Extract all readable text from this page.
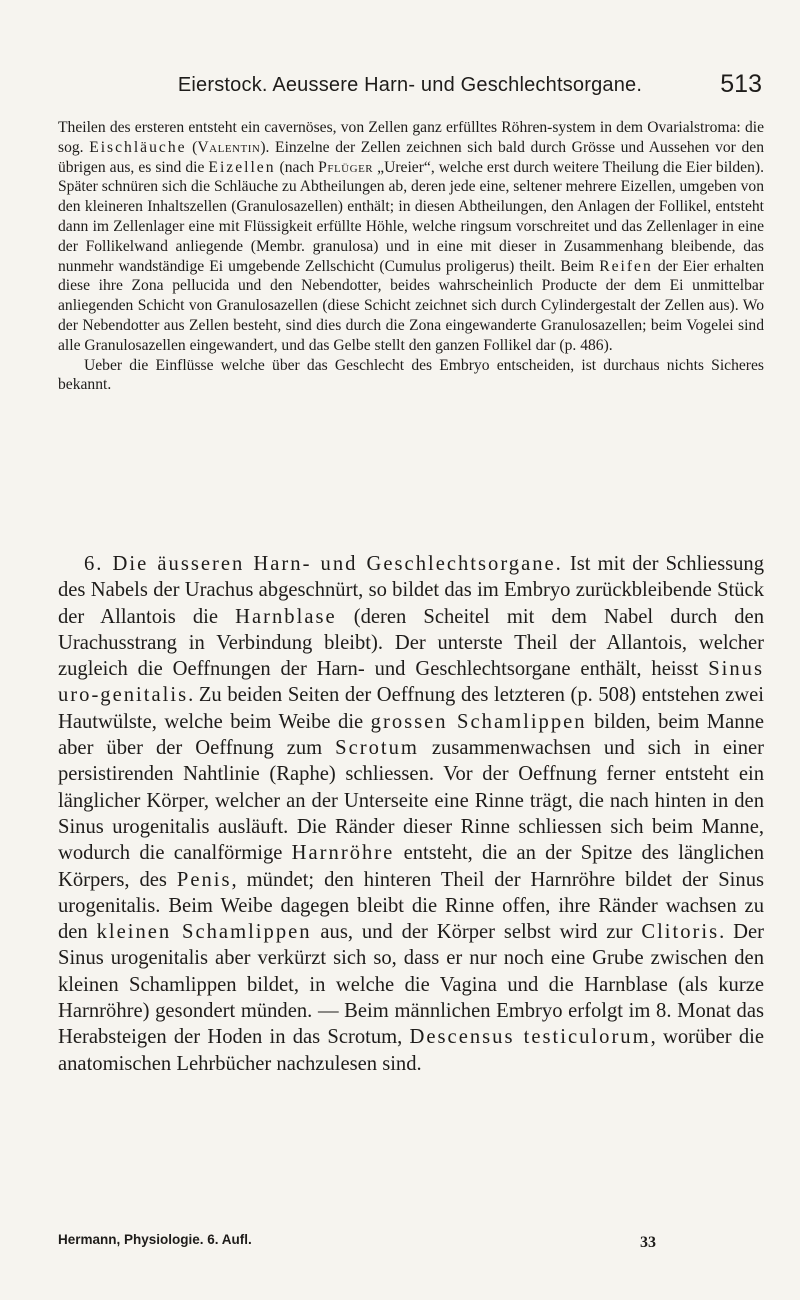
Eierstock. Aeussere Harn- und Geschlechtsorgane.	513

Theilen des ersteren entsteht ein cavernöses, von Zellen ganz erfülltes Röhren-system in dem Ovarialstroma: die sog. Eischläuche (Valentin). Einzelne der Zellen zeichnen sich bald durch Grösse und Aussehen vor den übrigen aus, es sind die Eizellen (nach Pflüger „Ureier“, welche erst durch weitere Theilung die Eier bilden). Später schnüren sich die Schläuche zu Abtheilungen ab, deren jede eine, seltener mehrere Eizellen, umgeben von den kleineren Inhaltszellen (Granulosazellen) enthält; in diesen Abtheilungen, den Anlagen der Follikel, entsteht dann im Zellenlager eine mit Flüssigkeit erfüllte Höhle, welche ringsum vorschreitet und das Zellenlager in eine der Follikelwand anliegende (Membr. granulosa) und in eine mit dieser in Zusammenhang bleibende, das nunmehr wandständige Ei umgebende Zellschicht (Cumulus proligerus) theilt. Beim Reifen der Eier erhalten diese ihre Zona pellucida und den Nebendotter, beides wahrscheinlich Producte der dem Ei unmittelbar anliegenden Schicht von Granulosazellen (diese Schicht zeichnet sich durch Cylindergestalt der Zellen aus). Wo der Nebendotter aus Zellen besteht, sind dies durch die Zona eingewanderte Granulosazellen; beim Vogelei sind alle Granulosazellen eingewandert, und das Gelbe stellt den ganzen Follikel dar (p. 486).

Ueber die Einflüsse welche über das Geschlecht des Embryo entscheiden, ist durchaus nichts Sicheres bekannt.

6. Die äusseren Harn- und Geschlechtsorgane. Ist mit der Schliessung des Nabels der Urachus abgeschnürt, so bildet das im Embryo zurückbleibende Stück der Allantois die Harnblase (deren Scheitel mit dem Nabel durch den Urachusstrang in Verbindung bleibt). Der unterste Theil der Allantois, welcher zugleich die Oeffnungen der Harn- und Geschlechtsorgane enthält, heisst Sinus uro-genitalis. Zu beiden Seiten der Oeffnung des letzteren (p. 508) entstehen zwei Hautwülste, welche beim Weibe die grossen Schamlippen bilden, beim Manne aber über der Oeffnung zum Scrotum zusammenwachsen und sich in einer persistirenden Nahtlinie (Raphe) schliessen. Vor der Oeffnung ferner entsteht ein länglicher Körper, welcher an der Unterseite eine Rinne trägt, die nach hinten in den Sinus urogenitalis ausläuft. Die Ränder dieser Rinne schliessen sich beim Manne, wodurch die canalförmige Harnröhre entsteht, die an der Spitze des länglichen Körpers, des Penis, mündet; den hinteren Theil der Harnröhre bildet der Sinus urogenitalis. Beim Weibe dagegen bleibt die Rinne offen, ihre Ränder wachsen zu den kleinen Schamlippen aus, und der Körper selbst wird zur Clitoris. Der Sinus urogenitalis aber verkürzt sich so, dass er nur noch eine Grube zwischen den kleinen Schamlippen bildet, in welche die Vagina und die Harnblase (als kurze Harnröhre) gesondert münden. — Beim männlichen Embryo erfolgt im 8. Monat das Herabsteigen der Hoden in das Scrotum, Descensus testiculorum, worüber die anatomischen Lehrbücher nachzulesen sind.

Hermann, Physiologie. 6. Aufl.	33
